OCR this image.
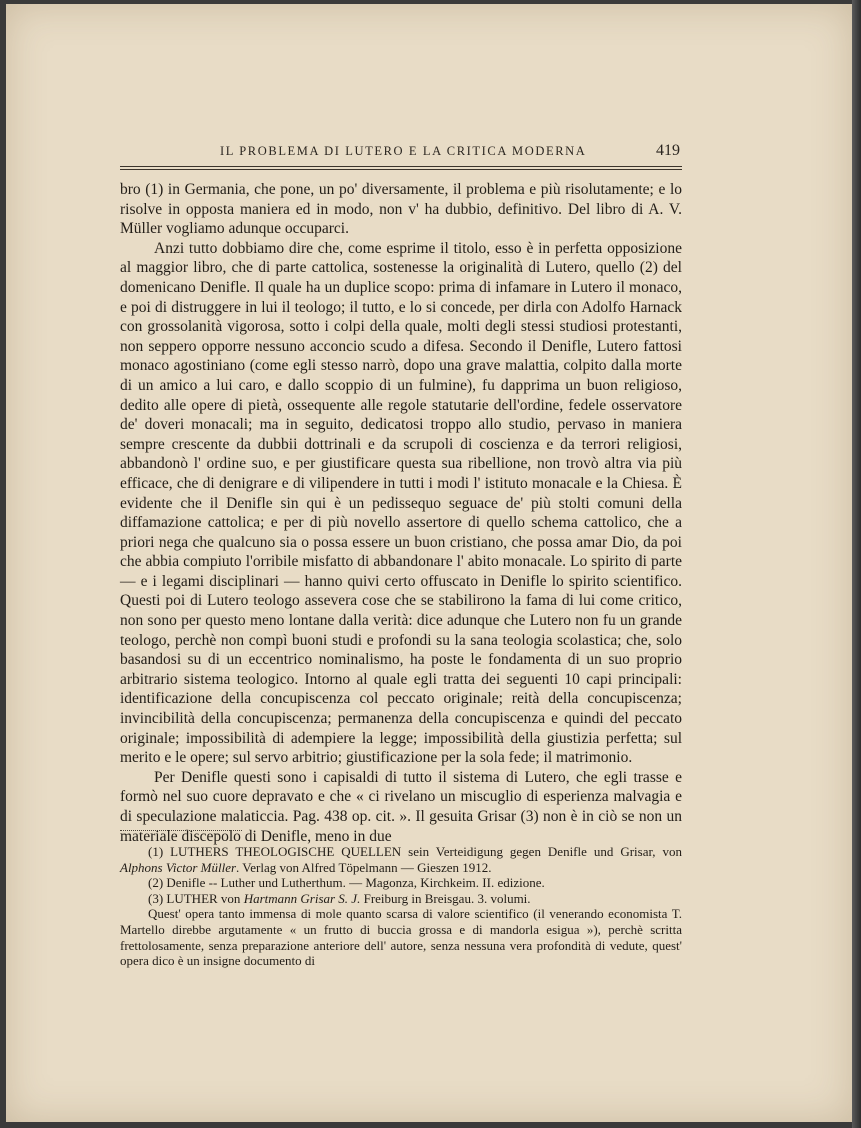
IL PROBLEMA DI LUTERO E LA CRITICA MODERNA	419

bro (1) in Germania, che pone, un po' diversamente, il problema e più risolutamente; e lo risolve in opposta maniera ed in modo, non v' ha dubbio, definitivo. Del libro di A. V. Müller vogliamo adunque occuparci.

Anzi tutto dobbiamo dire che, come esprime il titolo, esso è in perfetta opposizione al maggior libro, che di parte cattolica, sostenesse la originalità di Lutero, quello (2) del domenicano Denifle. Il quale ha un duplice scopo: prima di infamare in Lutero il monaco, e poi di distruggere in lui il teologo; il tutto, e lo si concede, per dirla con Adolfo Harnack con grossolanità vigorosa, sotto i colpi della quale, molti degli stessi studiosi protestanti, non seppero opporre nessuno acconcio scudo a difesa. Secondo il Denifle, Lutero fattosi monaco agostiniano (come egli stesso narrò, dopo una grave malattia, colpito dalla morte di un amico a lui caro, e dallo scoppio di un fulmine), fu dapprima un buon religioso, dedito alle opere di pietà, ossequente alle regole statutarie dell'ordine, fedele osservatore de' doveri monacali; ma in seguito, dedicatosi troppo allo studio, pervaso in maniera sempre crescente da dubbii dottrinali e da scrupoli di coscienza e da terrori religiosi, abbandonò l' ordine suo, e per giustificare questa sua ribellione, non trovò altra via più efficace, che di denigrare e di vilipendere in tutti i modi l' istituto monacale e la Chiesa. È evidente che il Denifle sin qui è un pedissequo seguace de' più stolti comuni della diffamazione cattolica; e per di più novello assertore di quello schema cattolico, che a priori nega che qualcuno sia o possa essere un buon cristiano, che possa amar Dio, da poi che abbia compiuto l'orribile misfatto di abbandonare l' abito monacale. Lo spirito di parte — e i legami disciplinari — hanno quivi certo offuscato in Denifle lo spirito scientifico. Questi poi di Lutero teologo assevera cose che se stabilirono la fama di lui come critico, non sono per questo meno lontane dalla verità: dice adunque che Lutero non fu un grande teologo, perchè non compì buoni studi e profondi su la sana teologia scolastica; che, solo basandosi su di un eccentrico nominalismo, ha poste le fondamenta di un suo proprio arbitrario sistema teologico. Intorno al quale egli tratta dei seguenti 10 capi principali: identificazione della concupiscenza col peccato originale; reità della concupiscenza; invincibilità della concupiscenza; permanenza della concupiscenza e quindi del peccato originale; impossibilità di adempiere la legge; impossibilità della giustizia perfetta; sul merito e le opere; sul servo arbitrio; giustificazione per la sola fede; il matrimonio.

Per Denifle questi sono i capisaldi di tutto il sistema di Lutero, che egli trasse e formò nel suo cuore depravato e che « ci rivelano un miscuglio di esperienza malvagia e di speculazione malaticcia. Pag. 438 op. cit. ». Il gesuita Grisar (3) non è in ciò se non un materiale discepolo di Denifle, meno in due

(1) LUTHERS THEOLOGISCHE QUELLEN sein Verteidigung gegen Denifle und Grisar, von Alphons Victor Müller. Verlag von Alfred Töpelmann — Gieszen 1912.

(2) Denifle -- Luther und Lutherthum. — Magonza, Kirchkeim. II. edizione.

(3) LUTHER von Hartmann Grisar S. J. Freiburg in Breisgau. 3. volumi.

Quest' opera tanto immensa di mole quanto scarsa di valore scientifico (il venerando economista T. Martello direbbe argutamente « un frutto di buccia grossa e di mandorla esigua »), perchè scritta frettolosamente, senza preparazione anteriore dell' autore, senza nessuna vera profondità di vedute, quest' opera dico è un insigne documento di
